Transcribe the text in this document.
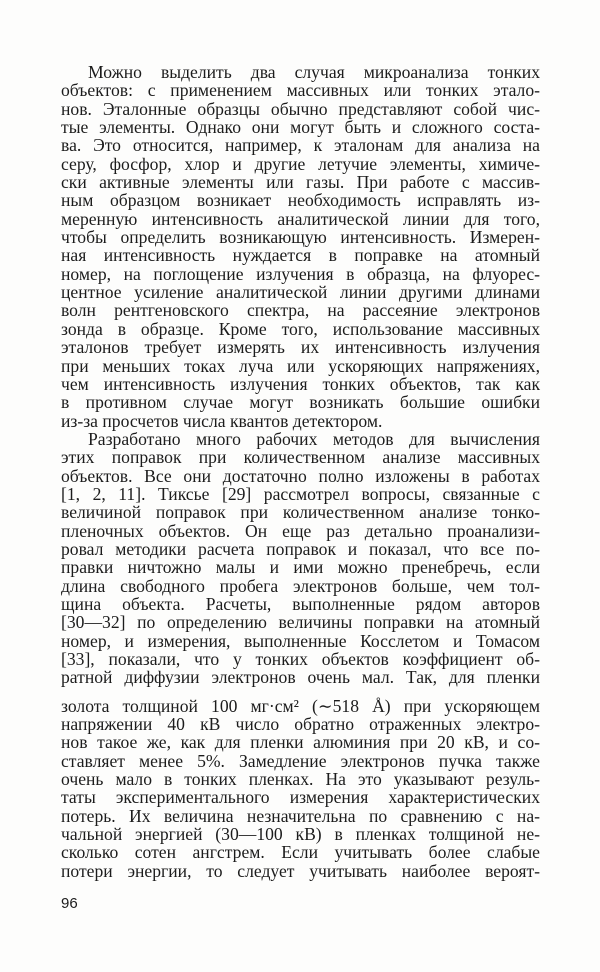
Можно выделить два случая микроанализа тонких
объектов: с применением массивных или тонких этало-
нов. Эталонные образцы обычно представляют собой чис-
тые элементы. Однако они могут быть и сложного соста-
ва. Это относится, например, к эталонам для анализа на
серу, фосфор, хлор и другие летучие элементы, химиче-
ски активные элементы или газы. При работе с массив-
ным образцом возникает необходимость исправлять из-
меренную интенсивность аналитической линии для того,
чтобы определить возникающую интенсивность. Измерен-
ная интенсивность нуждается в поправке на атомный
номер, на поглощение излучения в образца, на флуорес-
центное усиление аналитической линии другими длинами
волн рентгеновского спектра, на рассеяние электронов
зонда в образце. Кроме того, использование массивных
эталонов требует измерять их интенсивность излучения
при меньших токах луча или ускоряющих напряжениях,
чем интенсивность излучения тонких объектов, так как
в противном случае могут возникать большие ошибки
из-за просчетов числа квантов детектором.
Разработано много рабочих методов для вычисления
этих поправок при количественном анализе массивных
объектов. Все они достаточно полно изложены в работах
[1, 2, 11]. Тиксье [29] рассмотрел вопросы, связанные с
величиной поправок при количественном анализе тонко-
пленочных объектов. Он еще раз детально проанализи-
ровал методики расчета поправок и показал, что все по-
правки ничтожно малы и ими можно пренебречь, если
длина свободного пробега электронов больше, чем тол-
щина объекта. Расчеты, выполненные рядом авторов
[30—32] по определению величины поправки на атомный
номер, и измерения, выполненные Косслетом и Томасом
[33], показали, что у тонких объектов коэффициент об-
ратной диффузии электронов очень мал. Так, для пленки
золота толщиной 100 мг·см² (∼518 Å) при ускоряющем
напряжении 40 кВ число обратно отраженных электро-
нов такое же, как для пленки алюминия при 20 кВ, и со-
ставляет менее 5%. Замедление электронов пучка также
очень мало в тонких пленках. На это указывают резуль-
таты экспериментального измерения характеристических
потерь. Их величина незначительна по сравнению с на-
чальной энергией (30—100 кВ) в пленках толщиной не-
сколько сотен ангстрем. Если учитывать более слабые
потери энергии, то следует учитывать наиболее вероят-
96
